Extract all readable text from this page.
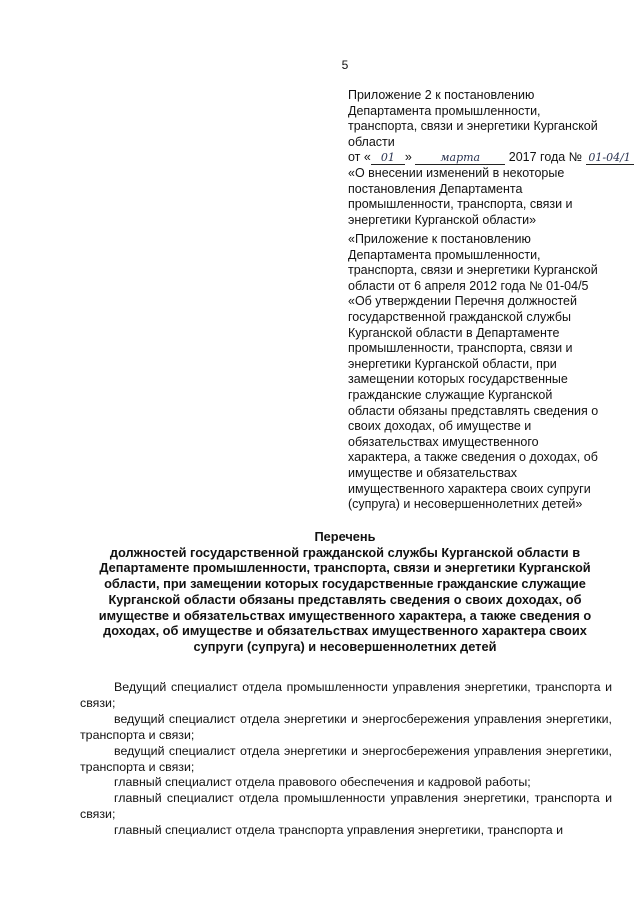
5
Приложение 2 к постановлению
Департамента промышленности,
транспорта, связи и энергетики Курганской
области
от « 01 »	марта 2017 года № 01-04/1
«О внесении изменений в некоторые
постановления Департамента
промышленности, транспорта, связи и
энергетики Курганской области»
«Приложение к постановлению
Департамента промышленности,
транспорта, связи и энергетики Курганской
области от 6 апреля 2012 года № 01-04/5
«Об утверждении Перечня должностей
государственной гражданской службы
Курганской области в Департаменте
промышленности, транспорта, связи и
энергетики Курганской области, при
замещении которых государственные
гражданские служащие Курганской
области обязаны представлять сведения о
своих доходах, об имуществе и
обязательствах имущественного
характера, а также сведения о доходах, об
имуществе и обязательствах
имущественного характера своих супруги
(супруга) и несовершеннолетних детей»
Перечень
должностей государственной гражданской службы Курганской области в
Департаменте промышленности, транспорта, связи и энергетики Курганской
области, при замещении которых государственные гражданские служащие
Курганской области обязаны представлять сведения о своих доходах, об
имуществе и обязательствах имущественного характера, а также сведения о
доходах, об имуществе и обязательствах имущественного характера своих
супруги (супруга) и несовершеннолетних детей

Ведущий специалист отдела промышленности управления энергетики, транспорта и связи;

ведущий специалист отдела энергетики и энергосбережения управления энергетики, транспорта и связи;

ведущий специалист отдела энергетики и энергосбережения управления энергетики, транспорта и связи;

главный специалист отдела правового обеспечения и кадровой работы;

главный специалист отдела промышленности управления энергетики, транспорта и связи;

главный специалист отдела транспорта управления энергетики, транспорта и
